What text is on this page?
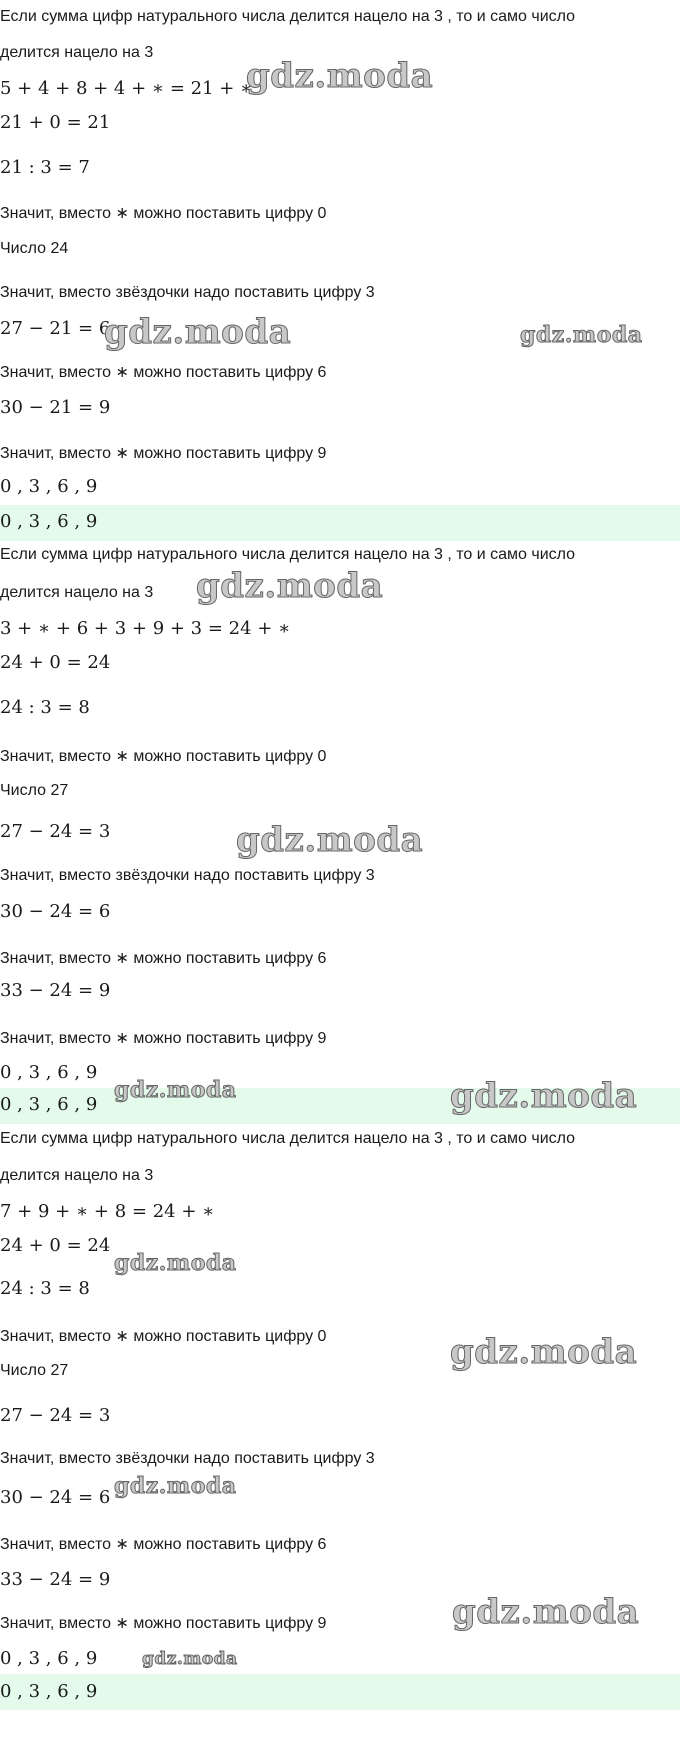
Если сумма цифр натурального числа делится нацело на 3 , то и само число
делится нацело на 3
5 + 4 + 8 + 4 + ∗ = 21 + ∗
21 + 0 = 21
21 : 3 = 7
Значит, вместо ∗ можно поставить цифру 0
Число 24
Значит, вместо звёздочки надо поставить цифру 3
27 − 21 = 6
Значит, вместо ∗ можно поставить цифру 6
30 − 21 = 9
Значит, вместо ∗ можно поставить цифру 9
0 , 3 , 6 , 9
0 , 3 , 6 , 9
Если сумма цифр натурального числа делится нацело на 3 , то и само число
делится нацело на 3
3 + ∗ + 6 + 3 + 9 + 3 = 24 + ∗
24 + 0 = 24
24 : 3 = 8
Значит, вместо ∗ можно поставить цифру 0
Число 27
27 − 24 = 3
Значит, вместо звёздочки надо поставить цифру 3
30 − 24 = 6
Значит, вместо ∗ можно поставить цифру 6
33 − 24 = 9
Значит, вместо ∗ можно поставить цифру 9
0 , 3 , 6 , 9
0 , 3 , 6 , 9
Если сумма цифр натурального числа делится нацело на 3 , то и само число
делится нацело на 3
7 + 9 + ∗ + 8 = 24 + ∗
24 + 0 = 24
24 : 3 = 8
Значит, вместо ∗ можно поставить цифру 0
Число 27
27 − 24 = 3
Значит, вместо звёздочки надо поставить цифру 3
30 − 24 = 6
Значит, вместо ∗ можно поставить цифру 6
33 − 24 = 9
Значит, вместо ∗ можно поставить цифру 9
0 , 3 , 6 , 9
0 , 3 , 6 , 9
gdz.moda
gdz.moda	gdz.moda
gdz.moda
gdz.moda
gdz.moda	gdz.moda
gdz.moda
gdz.moda
gdz.moda
gdz.moda
gdz.moda
